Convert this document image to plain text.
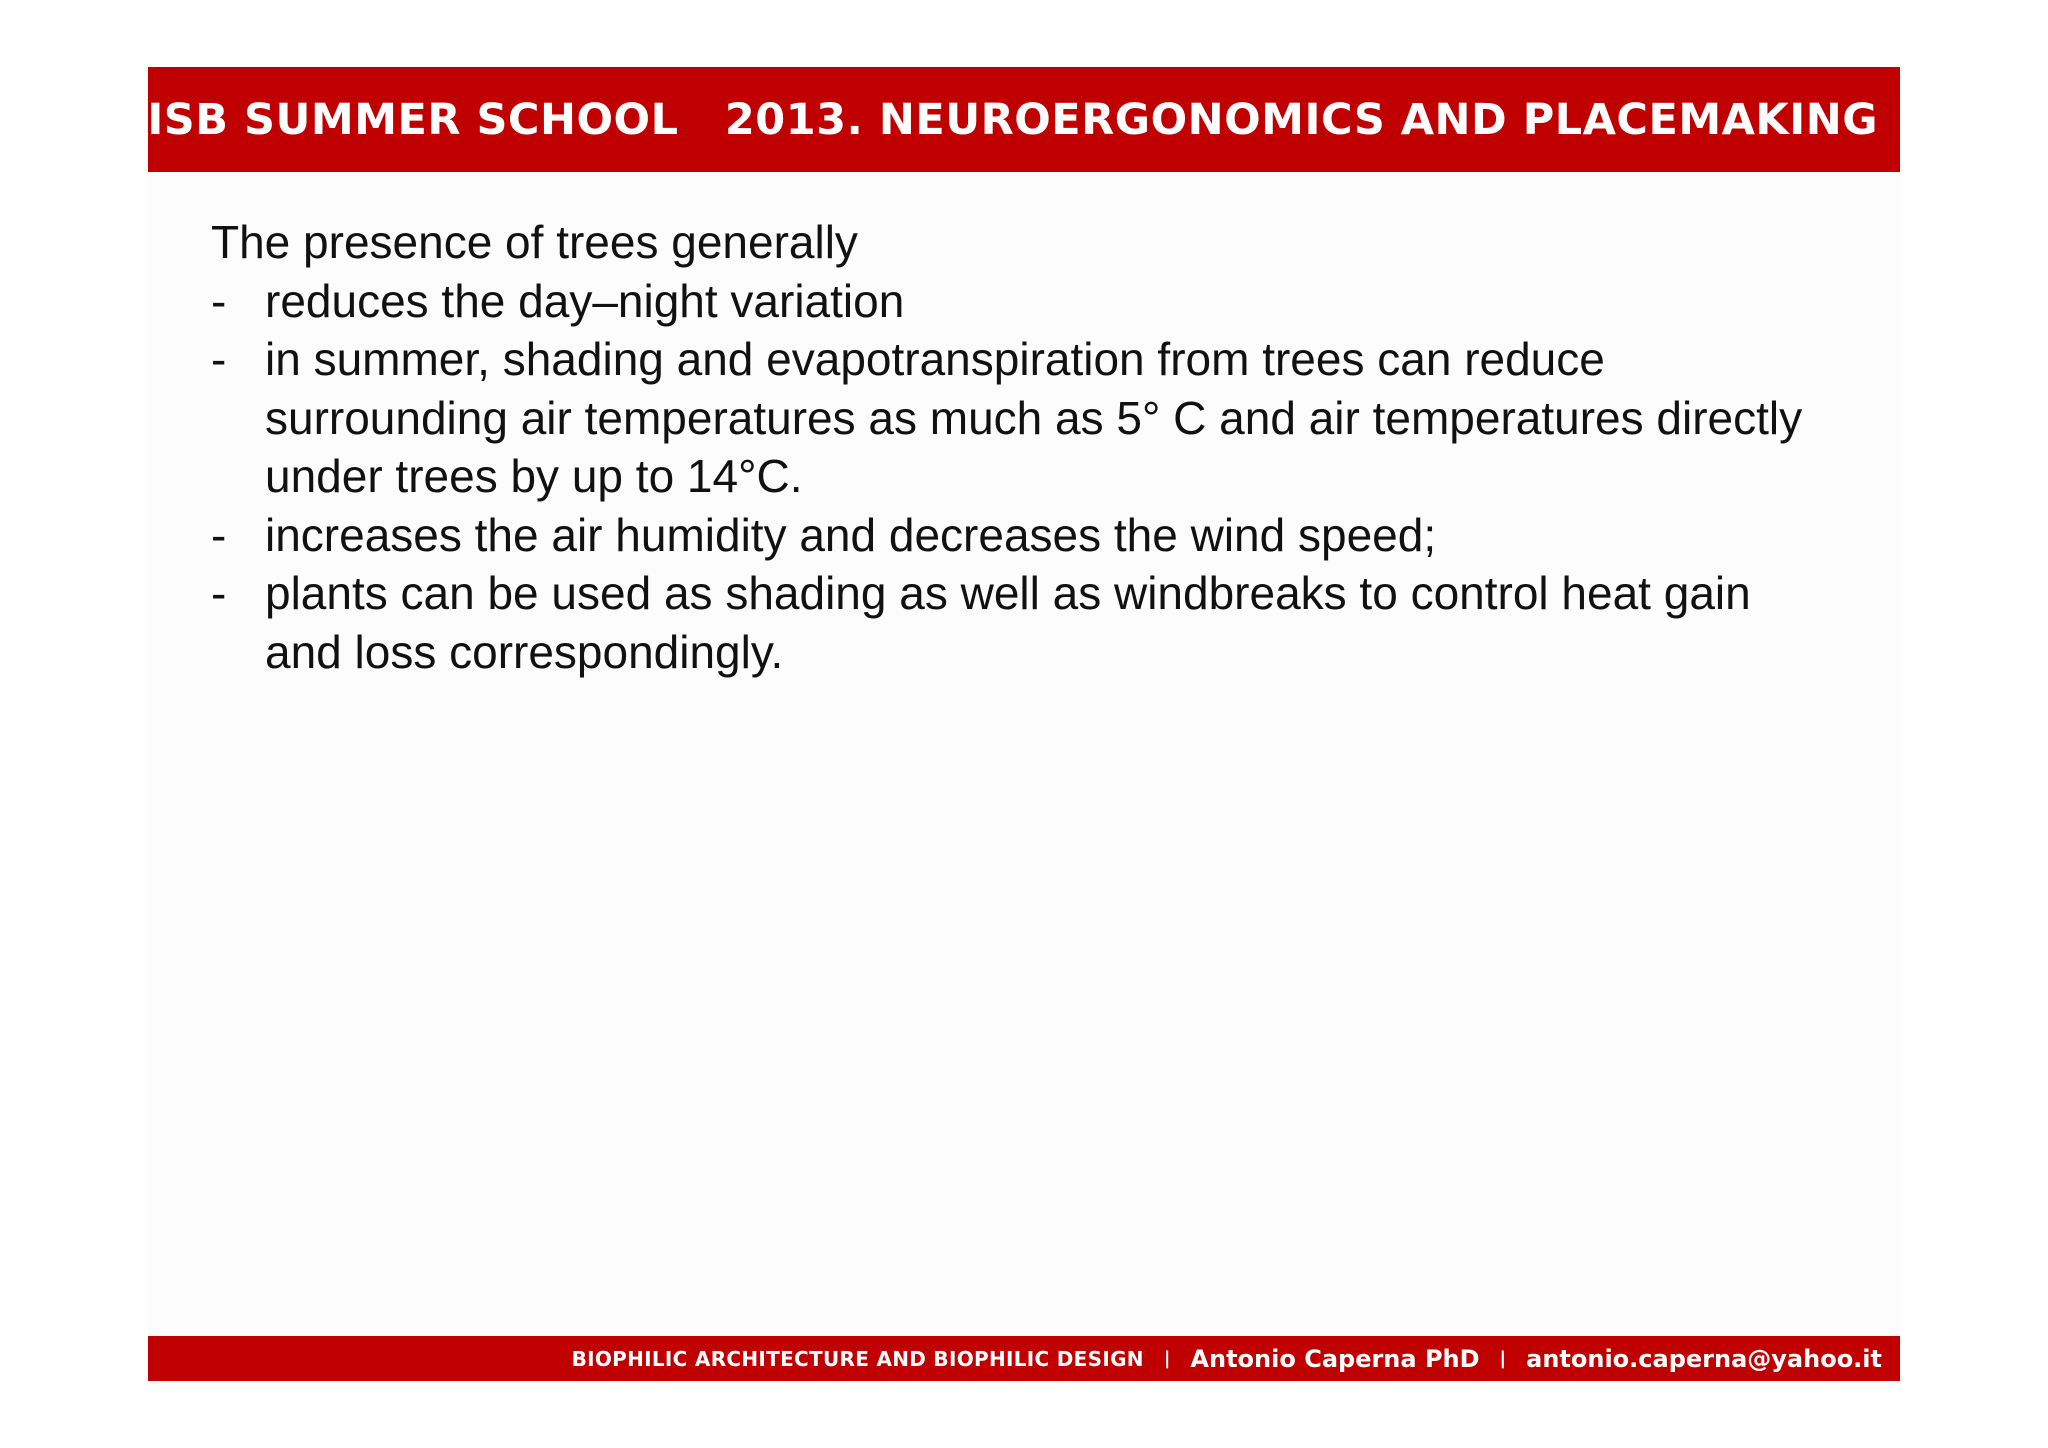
ISB SUMMER SCHOOL   2013. NEUROERGONOMICS AND PLACEMAKING

The presence of trees generally

- reduces the day–night variation
- in summer, shading and evapotranspiration from trees can reduce surrounding air temperatures as much as 5° C and air temperatures directly under trees by up to 14°C.
- increases the air humidity and decreases the wind speed;
- plants can be used as shading as well as windbreaks to control heat gain and loss correspondingly.
BIOPHILIC ARCHITECTURE AND BIOPHILIC DESIGN | Antonio Caperna PhD | antonio.caperna@yahoo.it
